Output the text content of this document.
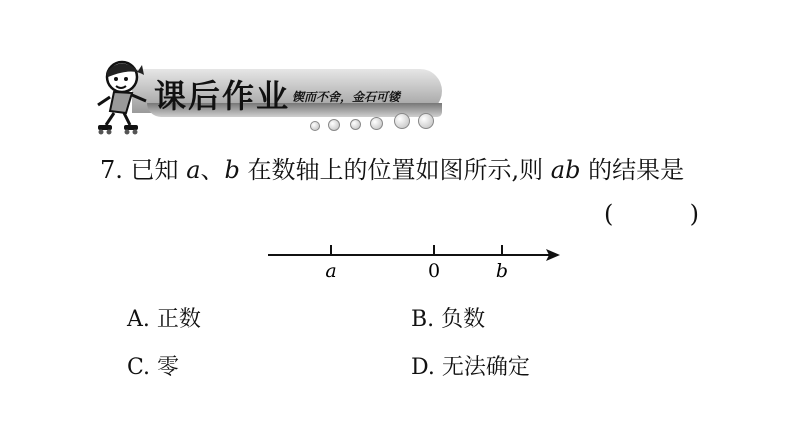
课后作业 锲而不舍，金石可镂
7. 已知 a、b 在数轴上的位置如图所示,则 ab 的结果是
(          )
a	0	b
A. 正数	B. 负数
C. 零	D. 无法确定
